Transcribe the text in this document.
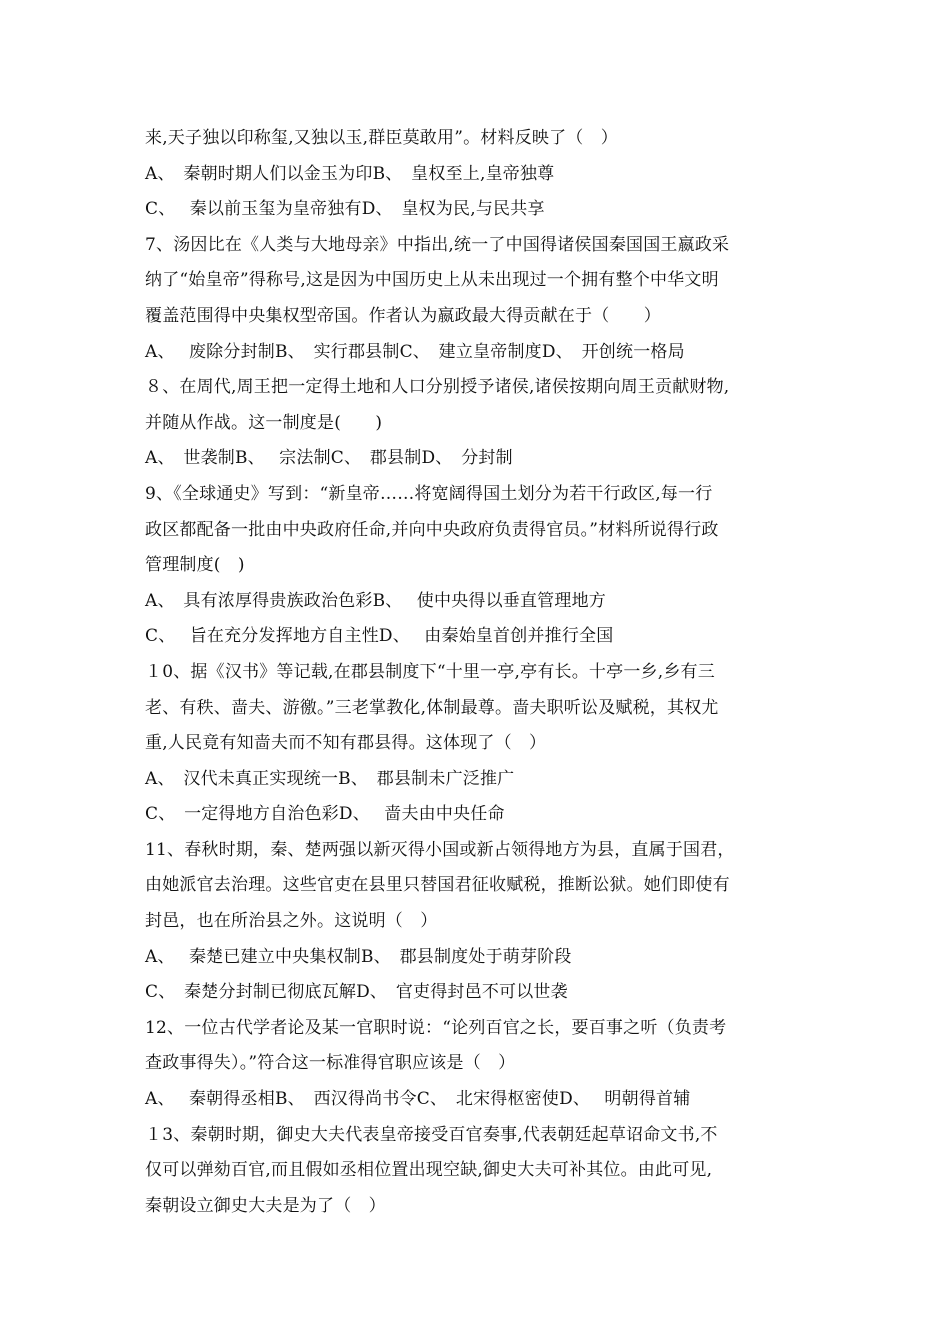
来,天子独以印称玺,又独以玉,群臣莫敢用”。材料反映了（　）
A、　秦朝时期人们以金玉为印B、　皇权至上,皇帝独尊
C、　 秦以前玉玺为皇帝独有D、　皇权为民,与民共享
7、汤因比在《人类与大地母亲》中指出,统一了中国得诸侯国秦国国王嬴政采
纳了“始皇帝”得称号,这是因为中国历史上从未出现过一个拥有整个中华文明
覆盖范围得中央集权型帝国。作者认为嬴政最大得贡献在于（　　）
A、　 废除分封制B、　实行郡县制C、　建立皇帝制度D、　开创统一格局
８、在周代,周王把一定得土地和人口分别授予诸侯,诸侯按期向周王贡献财物,
并随从作战。这一制度是(　　)
A、　世袭制B、　 宗法制C、　郡县制D、　分封制
9、《全球通史》写到：“新皇帝……将宽阔得国土划分为若干行政区,每一行
政区都配备一批由中央政府任命,并向中央政府负责得官员。”材料所说得行政
管理制度(　)
A、　具有浓厚得贵族政治色彩B、　 使中央得以垂直管理地方
C、　 旨在充分发挥地方自主性D、　 由秦始皇首创并推行全国
１0、据《汉书》等记载,在郡县制度下“十里一亭,亭有长。十亭一乡,乡有三
老、有秩、啬夫、游徼。”三老掌教化,体制最尊。啬夫职听讼及赋税，其权尤
重,人民竟有知啬夫而不知有郡县得。这体现了（　）
A、　汉代未真正实现统一B、　郡县制未广泛推广
C、　一定得地方自治色彩D、　 啬夫由中央任命
11、春秋时期，秦、楚两强以新灭得小国或新占领得地方为县，直属于国君，
由她派官去治理。这些官吏在县里只替国君征收赋税，推断讼狱。她们即使有
封邑，也在所治县之外。这说明（　）
A、　 秦楚已建立中央集权制B、　郡县制度处于萌芽阶段
C、　秦楚分封制已彻底瓦解D、　官吏得封邑不可以世袭
12、一位古代学者论及某一官职时说：“论列百官之长，要百事之听（负责考
查政事得失）。”符合这一标准得官职应该是（　）
A、　 秦朝得丞相B、　西汉得尚书令C、　北宋得枢密使D、　 明朝得首辅
１3、秦朝时期，御史大夫代表皇帝接受百官奏事,代表朝廷起草诏命文书,不
仅可以弹劾百官,而且假如丞相位置出现空缺,御史大夫可补其位。由此可见,
秦朝设立御史大夫是为了（　）
